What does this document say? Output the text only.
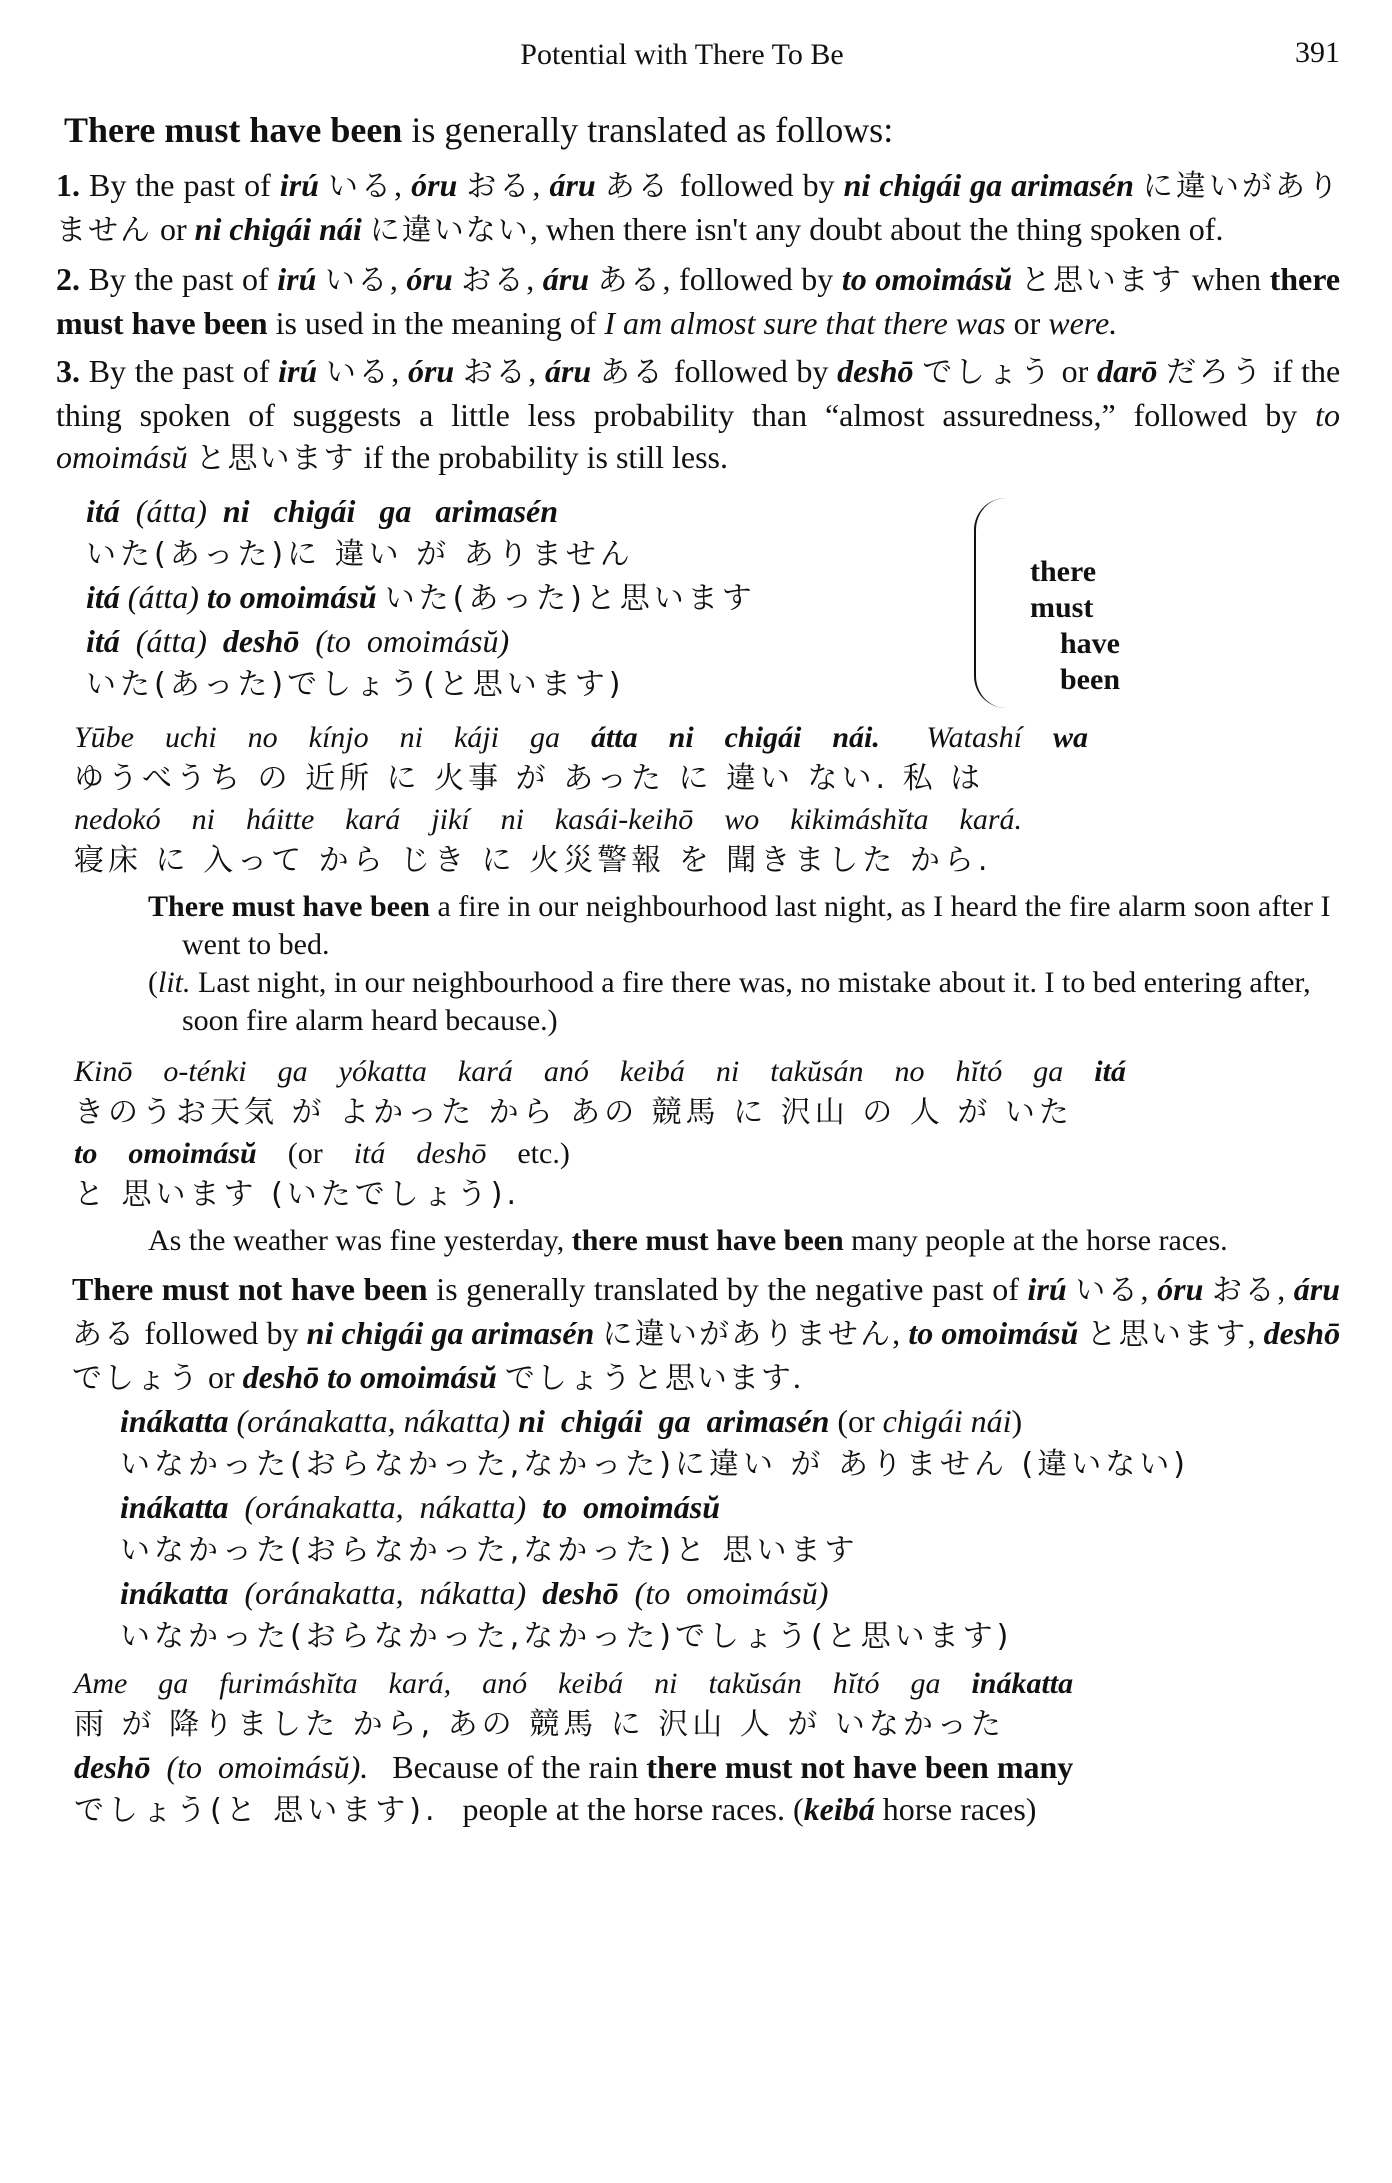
Potential with There To Be	391

There must have been is generally translated as follows:

1. By the past of irú いる, óru おる, áru ある followed by ni chigái ga arimasén に違いがありません or ni chigái nái に違いない, when there isn't any doubt about the thing spoken of.

2. By the past of irú いる, óru おる, áru ある, followed by to omoimásŭ と思います when there must have been is used in the meaning of I am almost sure that there was or were.

3. By the past of irú いる, óru おる, áru ある followed by deshō でしょう or darō だろう if the thing spoken of suggests a little less probability than “almost assuredness,” followed by to omoimásŭ と思います if the probability is still less.

itá (átta) ni chigái ga arimasén
いた(あった)に 違い が ありません
itá (átta) to omoimásŭ いた(あった)と思います
itá (átta) deshō (to  omoimásŭ)
いた(あった)でしょう(と思います)
there must
have been
Yūbe  uchi  no  kínjo  ni  káji  ga  átta ni chigái nái.   Watashí  wa
ゆうべうち の 近所 に 火事 が あった に 違い ない. 私 は
nedokó  ni  háitte  kará  jikí  ni  kasái-keihō  wo  kikimáshĭta  kará.
寝床 に 入って から じき に 火災警報 を 聞きました から.
There must have been a fire in our neighbourhood last night, as I heard the fire alarm soon after I went to bed.
(lit. Last night, in our neighbourhood a fire there was, no mistake about it. I to bed entering after, soon fire alarm heard because.)
Kinō  o-ténki  ga  yókatta  kará  anó  keibá  ni  takŭsán  no  hĭtó  ga  itá
きのうお天気 が よかった から あの 競馬 に 沢山 の 人 が いた
to  omoimásŭ (or  itá  deshō  etc.)
と 思います (いたでしょう).
As the weather was fine yesterday, there must have been many people at the horse races.

There must not have been is generally translated by the negative past of irú いる, óru おる, áru ある followed by ni chigái ga arimasén に違いがありません, to omoimásŭ と思います, deshō でしょう or deshō to omoimásŭ でしょうと思います.

inákatta (oránakatta, nákatta) ni  chigái  ga  arimasén (or chigái nái)
いなかった(おらなかった,なかった)に違い が ありません (違いない)
inákatta (oránakatta,  nákatta) to  omoimásŭ
いなかった(おらなかった,なかった)と 思います
inákatta (oránakatta,  nákatta) deshō (to  omoimásŭ)
いなかった(おらなかった,なかった)でしょう(と思います)
Ame  ga  furimáshĭta  kará,  anó  keibá  ni  takŭsán  hĭtó  ga  inákatta
雨 が 降りました から, あの 競馬 に 沢山 人 が いなかった
deshō (to  omoimásŭ).   Because of the rain there must not have been many
でしょう(と 思います).   people at the horse races. (keibá horse races)
